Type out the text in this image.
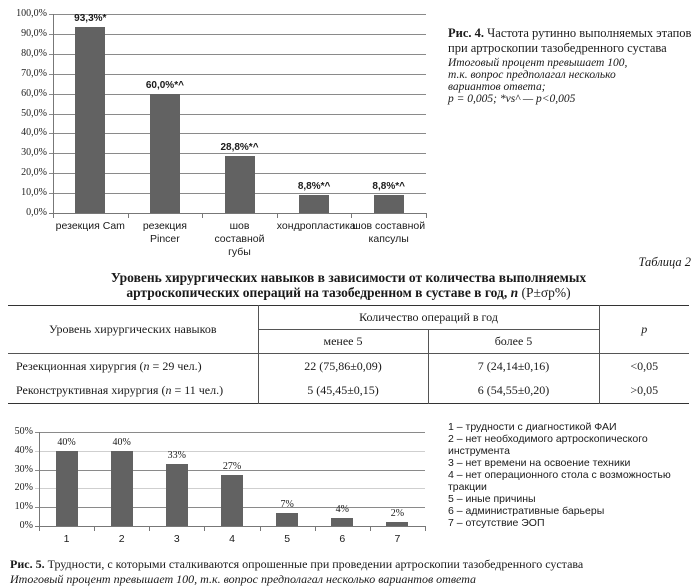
0,0%
10,0%
20,0%
30,0%
40,0%
50,0%
60,0%
70,0%
80,0%
90,0%
100,0%	93,3%*
резекция Cam
60,0%*^
резекция
Pincer
28,8%*^
шов
составной губы
8,8%*^
хондропластика
8,8%*^
шов составной
капсулы
Рис. 4. Частота рутинно выполняемых этапов при артроскопии тазобедренного сустава
Итоговый процент превышает 100,
т.к. вопрос предполагал несколько
вариантов ответа;
p = 0,005; *vs^ — p<0,005
Таблица 2
Уровень хирургических навыков в зависимости от количества выполняемых
артроскопических операций на тазобедренном в суставе в год, n (P±σp%)
Уровень хирургических навыков	Количество операций в год		p
	менее 5	более 5	
Резекционная хирургия (n = 29 чел.)	22 (75,86±0,09)	7 (24,14±0,16)	<0,05
Реконструктивная хирургия (n = 11 чел.)	5 (45,45±0,15)	6 (54,55±0,20)	>0,05
0%
10%
20%
30%
40%
50%
40%
1
40%
2
33%
3
27%
4
7%
5
4%
6
2%
7
1 – трудности с диагностикой ФАИ
2 – нет необходимого артроскопического инструмента
3 – нет времени на освоение техники
4 – нет операционного стола с возможностью тракции
5 – иные причины
6 – административные барьеры
7 – отсутствие ЭОП
Рис. 5. Трудности, с которыми сталкиваются опрошенные при проведении артроскопии тазобедренного сустава
Итоговый процент превышает 100, т.к. вопрос предполагал несколько вариантов ответа
